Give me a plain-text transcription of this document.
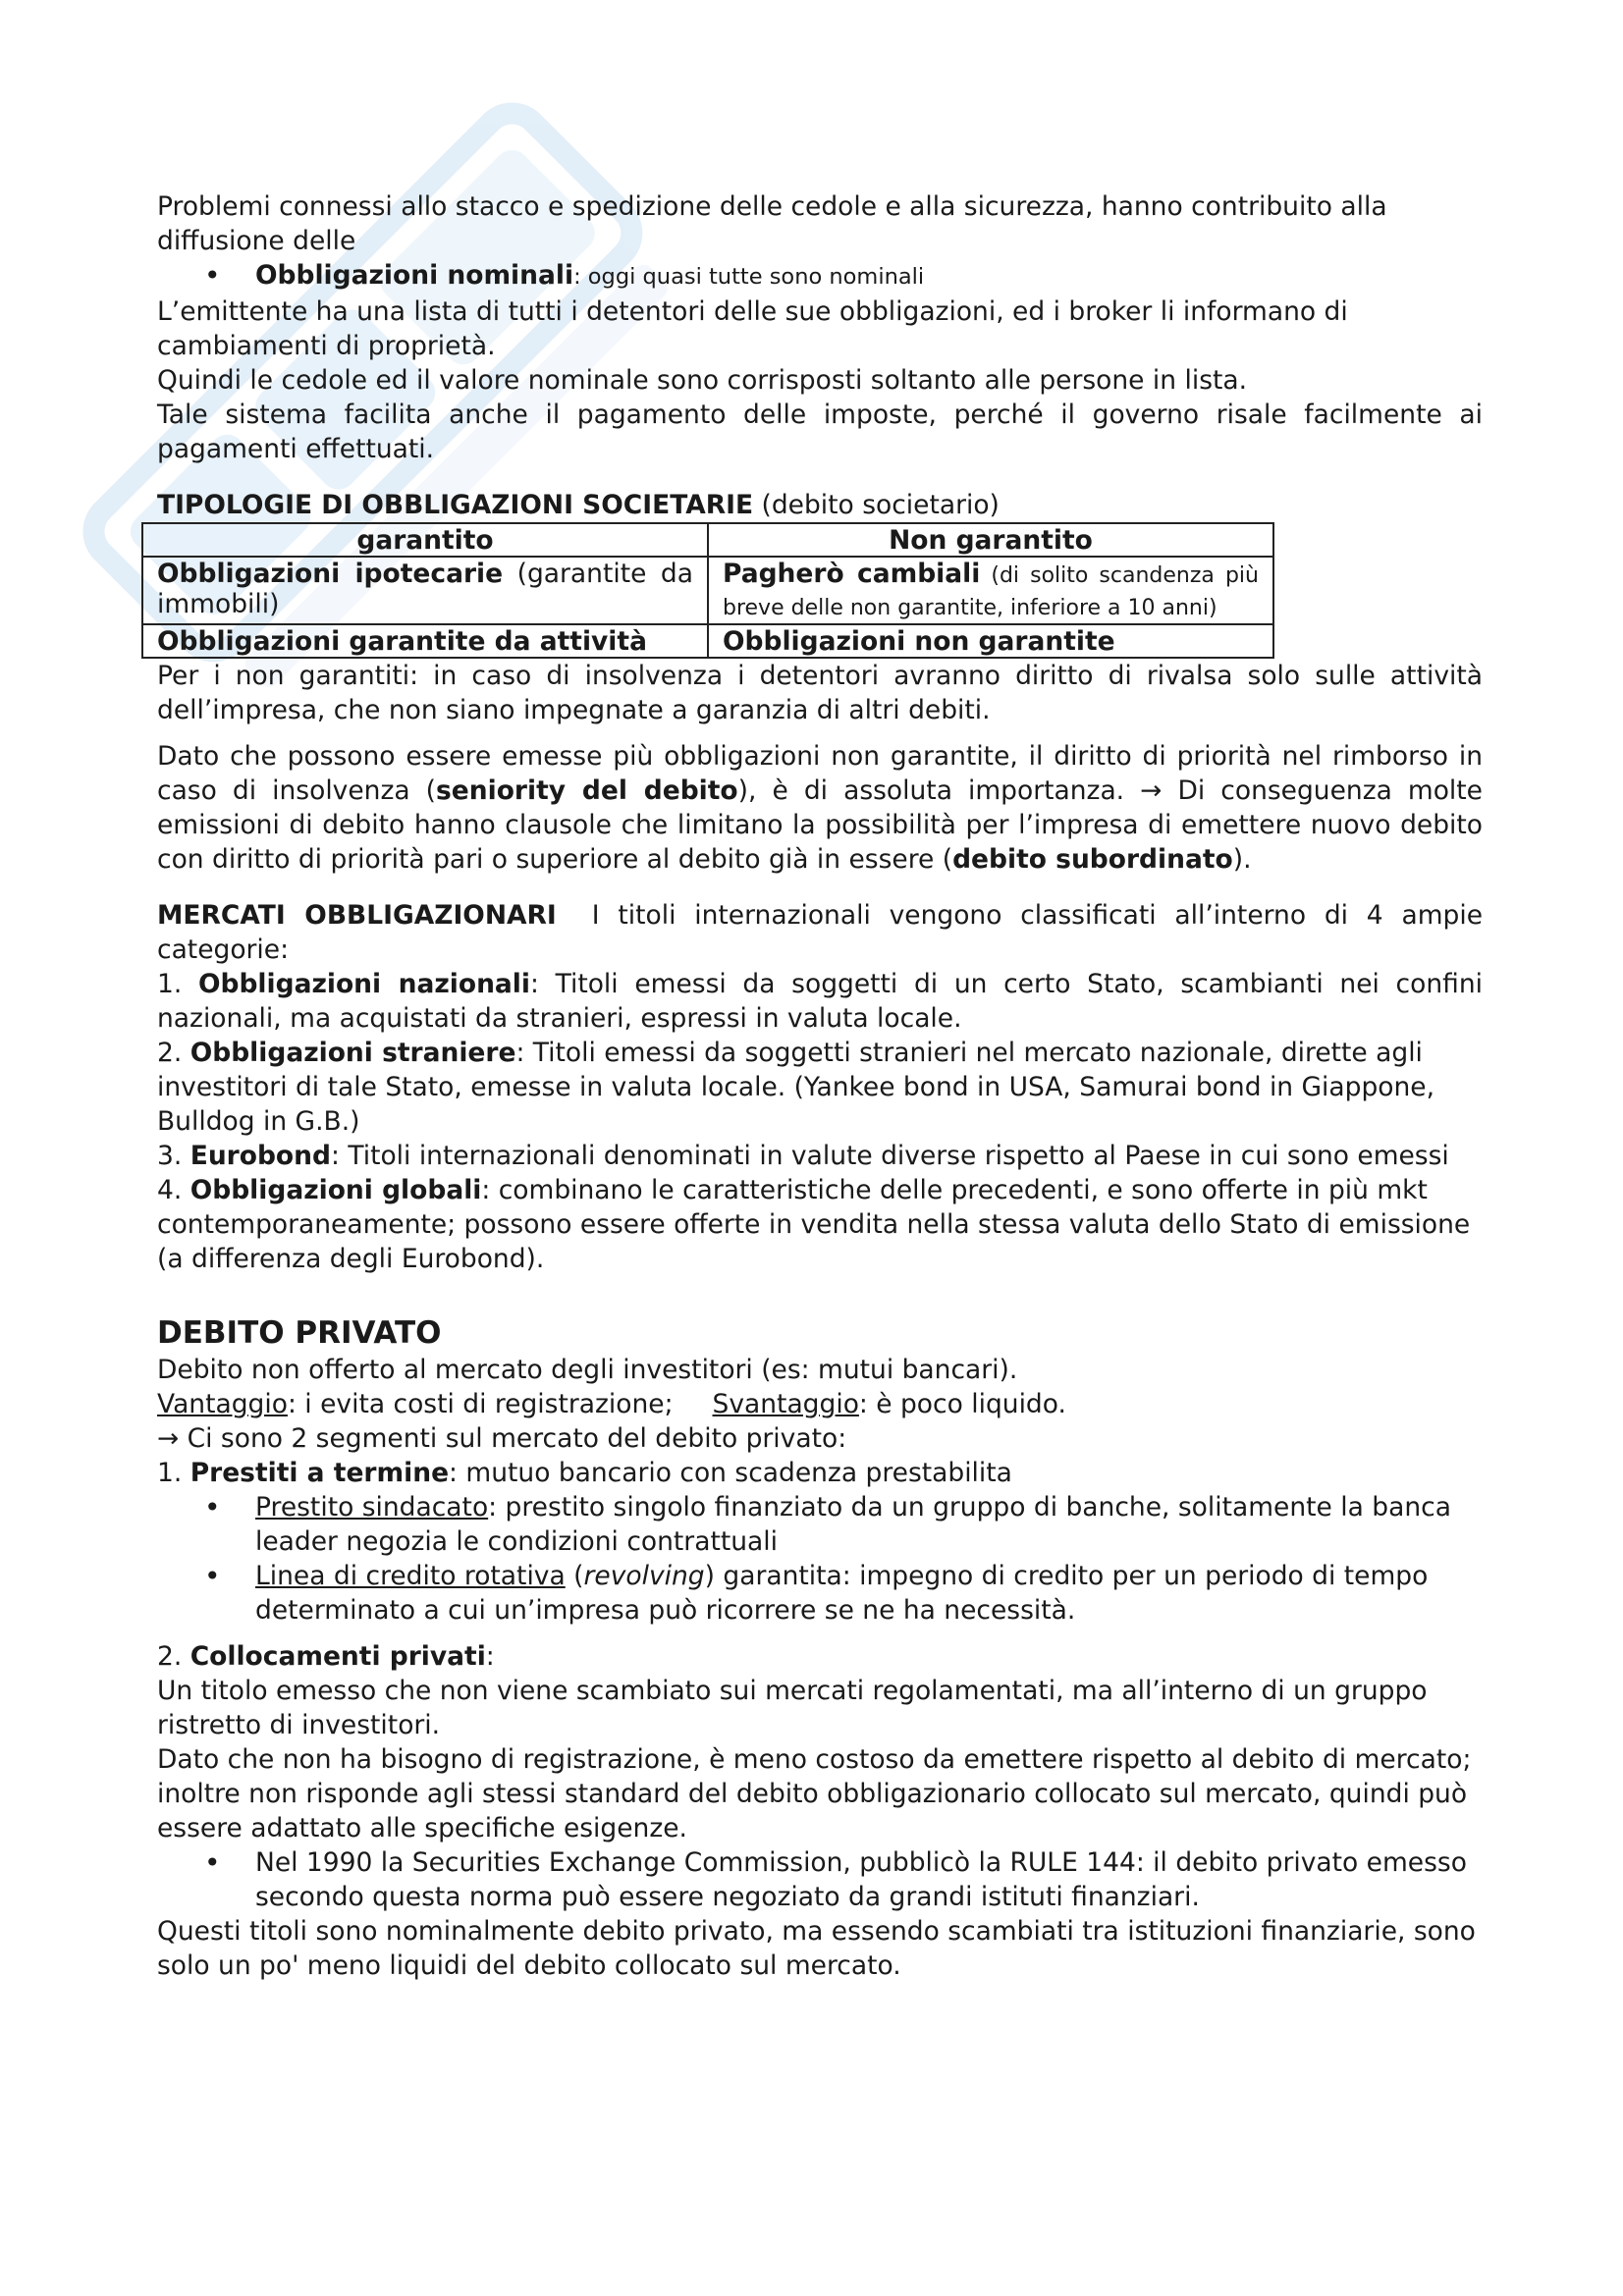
Problemi connessi allo stacco e spedizione delle cedole e alla sicurezza, hanno contribuito alla diffusione delle

• Obbligazioni nominali: oggi quasi tutte sono nominali

L’emittente ha una lista di tutti i detentori delle sue obbligazioni, ed i broker li informano di cambiamenti di proprietà.

Quindi le cedole ed il valore nominale sono corrisposti soltanto alle persone in lista.

Tale sistema facilita anche il pagamento delle imposte, perché il governo risale facilmente ai pagamenti effettuati.

TIPOLOGIE DI OBBLIGAZIONI SOCIETARIE (debito societario)

garantito	Non garantito
Obbligazioni ipotecarie (garantite da immobili)	Pagherò cambiali (di solito scandenza più breve delle non garantite, inferiore a 10 anni)
Obbligazioni garantite da attività	Obbligazioni non garantite

Per i non garantiti: in caso di insolvenza i detentori avranno diritto di rivalsa solo sulle attività dell’impresa, che non siano impegnate a garanzia di altri debiti.

Dato che possono essere emesse più obbligazioni non garantite, il diritto di priorità nel rimborso in caso di insolvenza (seniority del debito), è di assoluta importanza. → Di conseguenza molte emissioni di debito hanno clausole che limitano la possibilità per l’impresa di emettere nuovo debito con diritto di priorità pari o superiore al debito già in essere (debito subordinato).

MERCATI OBBLIGAZIONARI I titoli internazionali vengono classificati all’interno di 4 ampie categorie:

1. Obbligazioni nazionali: Titoli emessi da soggetti di un certo Stato, scambianti nei confini nazionali, ma acquistati da stranieri, espressi in valuta locale.

2. Obbligazioni straniere: Titoli emessi da soggetti stranieri nel mercato nazionale, dirette agli investitori di tale Stato, emesse in valuta locale. (Yankee bond in USA, Samurai bond in Giappone, Bulldog in G.B.)

3. Eurobond: Titoli internazionali denominati in valute diverse rispetto al Paese in cui sono emessi

4. Obbligazioni globali: combinano le caratteristiche delle precedenti, e sono offerte in più mkt contemporaneamente; possono essere offerte in vendita nella stessa valuta dello Stato di emissione (a differenza degli Eurobond).

DEBITO PRIVATO

Debito non offerto al mercato degli investitori (es: mutui bancari).

Vantaggio: i evita costi di registrazione; Svantaggio: è poco liquido.

→ Ci sono 2 segmenti sul mercato del debito privato:

1. Prestiti a termine: mutuo bancario con scadenza prestabilita

• Prestito sindacato: prestito singolo finanziato da un gruppo di banche, solitamente la banca leader negozia le condizioni contrattuali
• Linea di credito rotativa (revolving) garantita: impegno di credito per un periodo di tempo determinato a cui un’impresa può ricorrere se ne ha necessità.

2. Collocamenti privati:

Un titolo emesso che non viene scambiato sui mercati regolamentati, ma all’interno di un gruppo ristretto di investitori.

Dato che non ha bisogno di registrazione, è meno costoso da emettere rispetto al debito di mercato; inoltre non risponde agli stessi standard del debito obbligazionario collocato sul mercato, quindi può essere adattato alle specifiche esigenze.

• Nel 1990 la Securities Exchange Commission, pubblicò la RULE 144: il debito privato emesso secondo questa norma può essere negoziato da grandi istituti finanziari.

Questi titoli sono nominalmente debito privato, ma essendo scambiati tra istituzioni finanziarie, sono solo un po' meno liquidi del debito collocato sul mercato.
